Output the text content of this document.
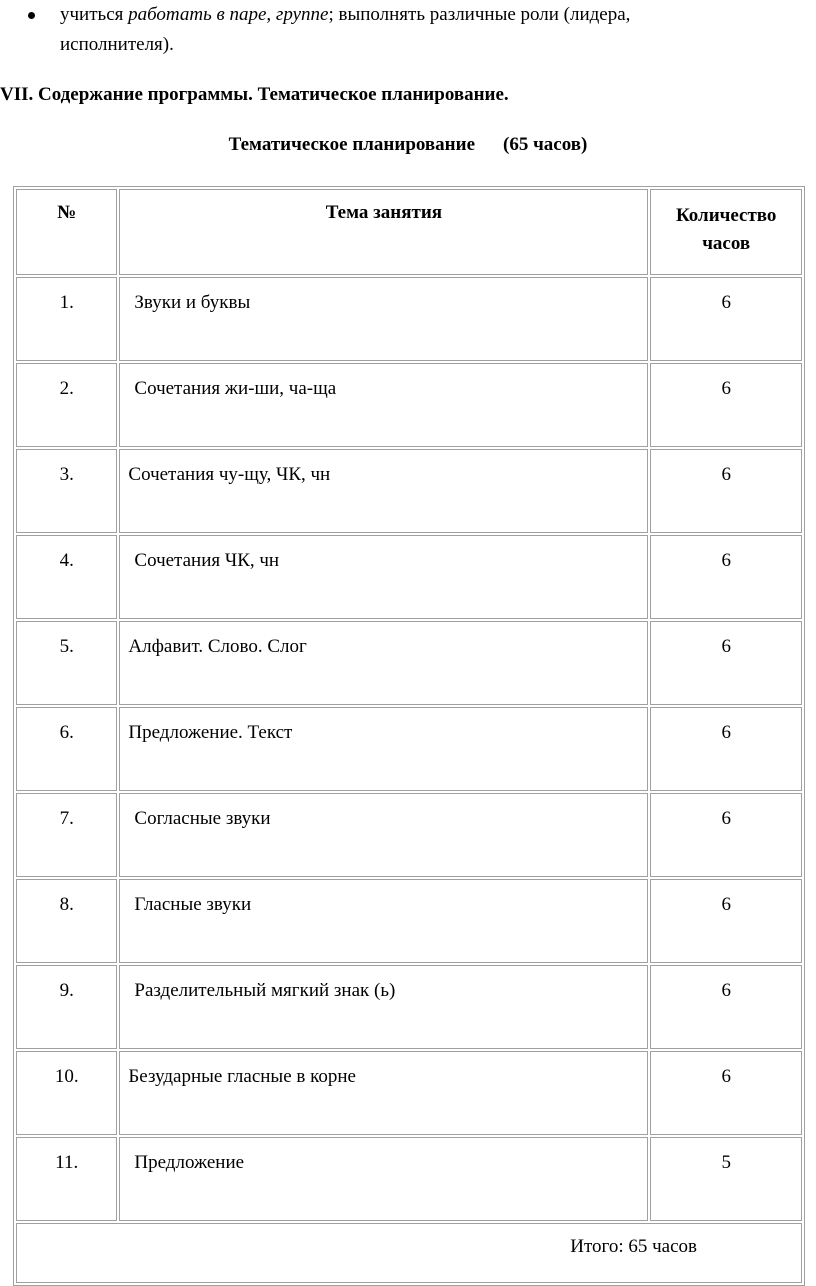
учиться работать в паре, группе; выполнять различные роли (лидера,
исполнителя).
VII. Содержание программы. Тематическое планирование.
Тематическое планирование (65 часов)
№	Тема занятия	Количество
часов
1.	Звуки и буквы	6
2.	Сочетания жи-ши, ча-ща	6
3.	Сочетания чу-щу, ЧК, чн	6
4.	Сочетания ЧК, чн	6
5.	Алфавит. Слово. Слог	6
6.	Предложение. Текст	6
7.	Согласные звуки	6
8.	Гласные звуки	6
9.	Разделительный мягкий знак (ь)	6
10.	Безударные гласные в корне	6
11.	Предложение	5
Итого: 65 часов		
